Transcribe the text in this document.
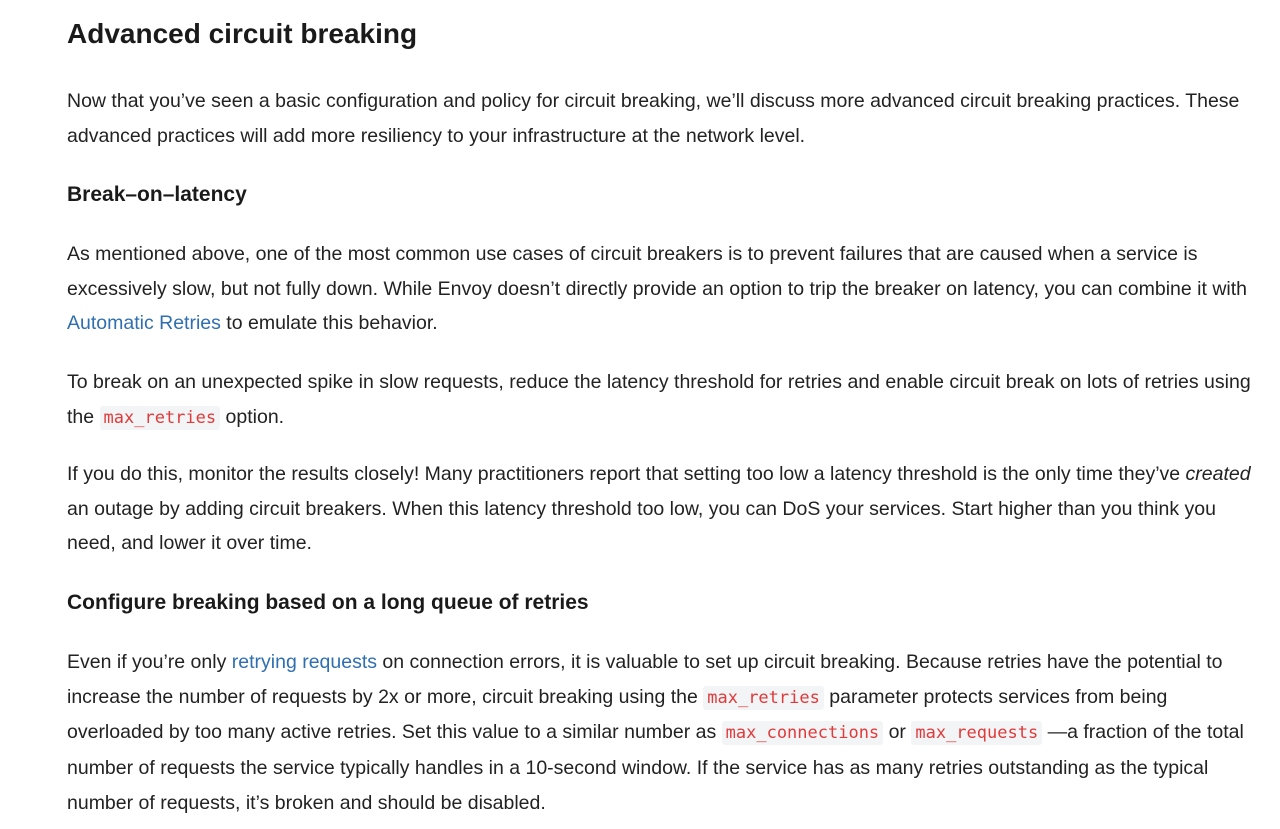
Advanced circuit breaking

Now that you’ve seen a basic configuration and policy for circuit breaking, we’ll discuss more advanced circuit breaking practices. These advanced practices will add more resiliency to your infrastructure at the network level.

Break–on–latency

As mentioned above, one of the most common use cases of circuit breakers is to prevent failures that are caused when a service is excessively slow, but not fully down. While Envoy doesn’t directly provide an option to trip the breaker on latency, you can combine it with Automatic Retries to emulate this behavior.

To break on an unexpected spike in slow requests, reduce the latency threshold for retries and enable circuit break on lots of retries using the max_retries option.

If you do this, monitor the results closely! Many practitioners report that setting too low a latency threshold is the only time they’ve created an outage by adding circuit breakers. When this latency threshold too low, you can DoS your services. Start higher than you think you need, and lower it over time.

Configure breaking based on a long queue of retries

Even if you’re only retrying requests on connection errors, it is valuable to set up circuit breaking. Because retries have the potential to increase the number of requests by 2x or more, circuit breaking using the max_retries parameter protects services from being overloaded by too many active retries. Set this value to a similar number as max_connections or max_requests —a fraction of the total number of requests the service typically handles in a 10-second window. If the service has as many retries outstanding as the typical number of requests, it’s broken and should be disabled.
